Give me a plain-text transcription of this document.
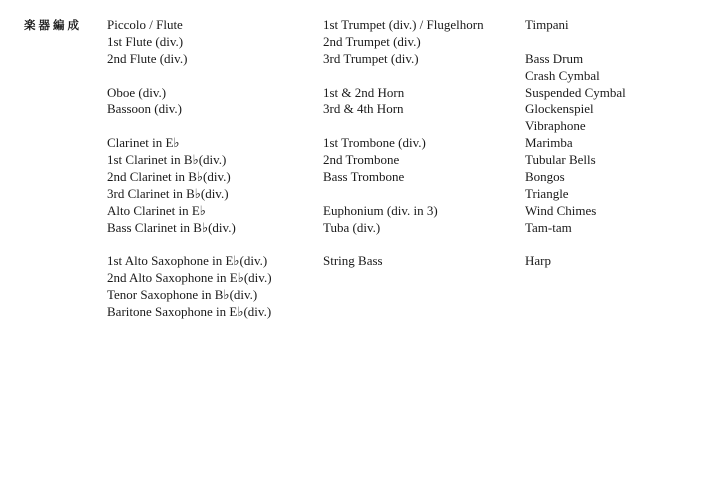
楽器編成 Piccolo / Flute
1st Flute (div.)
2nd Flute (div.)
Oboe (div.)
Bassoon (div.)
Clarinet in E♭
1st Clarinet in B♭(div.)
2nd Clarinet in B♭(div.)
3rd Clarinet in B♭(div.)
Alto Clarinet in E♭
Bass Clarinet in B♭(div.)
1st Alto Saxophone in E♭(div.)
2nd Alto Saxophone in E♭(div.)
Tenor Saxophone in B♭(div.)
Baritone Saxophone in E♭(div.)
1st Trumpet (div.) / Flugelhorn
2nd Trumpet (div.)
3rd Trumpet (div.)
1st & 2nd Horn
3rd & 4th Horn
1st Trombone (div.)
2nd Trombone
Bass Trombone
Euphonium (div. in 3)
Tuba (div.)
String Bass
Timpani
Bass Drum
Crash Cymbal
Suspended Cymbal
Glockenspiel
Vibraphone
Marimba
Tubular Bells
Bongos
Triangle
Wind Chimes
Tam-tam
Harp
